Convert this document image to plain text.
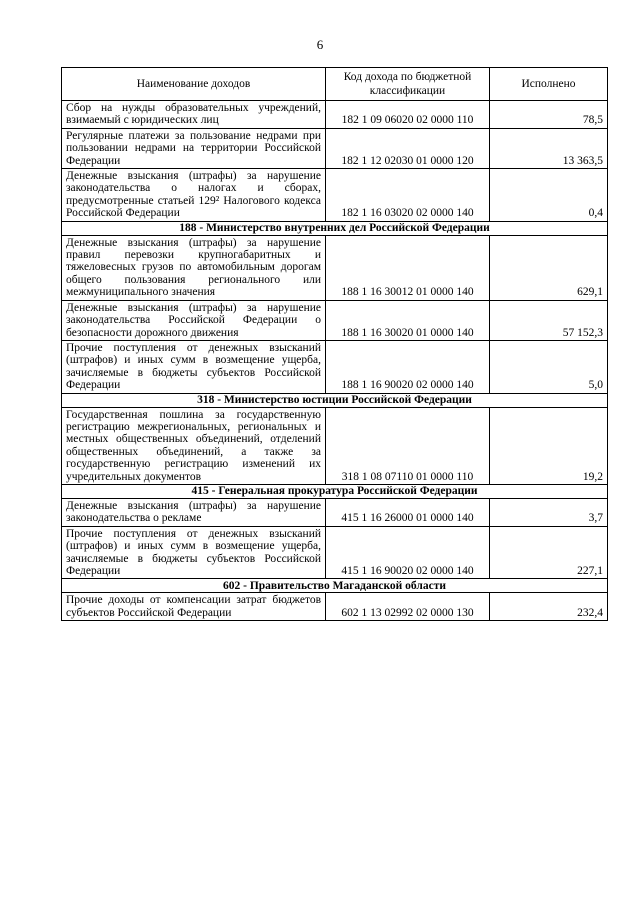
6
Наименование доходов	Код дохода по бюджетной классификации	Исполнено
Сбор на нужды образовательных учреждений, взимаемый с юридических лиц	182 1 09 06020 02 0000 110	78,5
Регулярные платежи за пользование недрами при пользовании недрами на территории Российской Федерации	182 1 12 02030 01 0000 120	13 363,5
Денежные взыскания (штрафы) за нарушение законодательства о налогах и сборах, предусмотренные статьей 129² Налогового кодекса Российской Федерации	182 1 16 03020 02 0000 140	0,4
188 - Министерство внутренних дел Российской Федерации		
Денежные взыскания (штрафы) за нарушение правил перевозки крупногабаритных и тяжеловесных грузов по автомобильным дорогам общего пользования регионального или межмуниципального значения	188 1 16 30012 01 0000 140	629,1
Денежные взыскания (штрафы) за нарушение законодательства Российской Федерации о безопасности дорожного движения	188 1 16 30020 01 0000 140	57 152,3
Прочие поступления от денежных взысканий (штрафов) и иных сумм в возмещение ущерба, зачисляемые в бюджеты субъектов Российской Федерации	188 1 16 90020 02 0000 140	5,0
318 - Министерство юстиции Российской Федерации		
Государственная пошлина за государственную регистрацию межрегиональных, региональных и местных общественных объединений, отделений общественных объединений, а также за государственную регистрацию изменений их учредительных документов	318 1 08 07110 01 0000 110	19,2
415 - Генеральная прокуратура Российской Федерации		
Денежные взыскания (штрафы) за нарушение законодательства о рекламе	415 1 16 26000 01 0000 140	3,7
Прочие поступления от денежных взысканий (штрафов) и иных сумм в возмещение ущерба, зачисляемые в бюджеты субъектов Российской Федерации	415 1 16 90020 02 0000 140	227,1
602 - Правительство Магаданской области		
Прочие доходы от компенсации затрат бюджетов субъектов Российской Федерации	602 1 13 02992 02 0000 130	232,4
